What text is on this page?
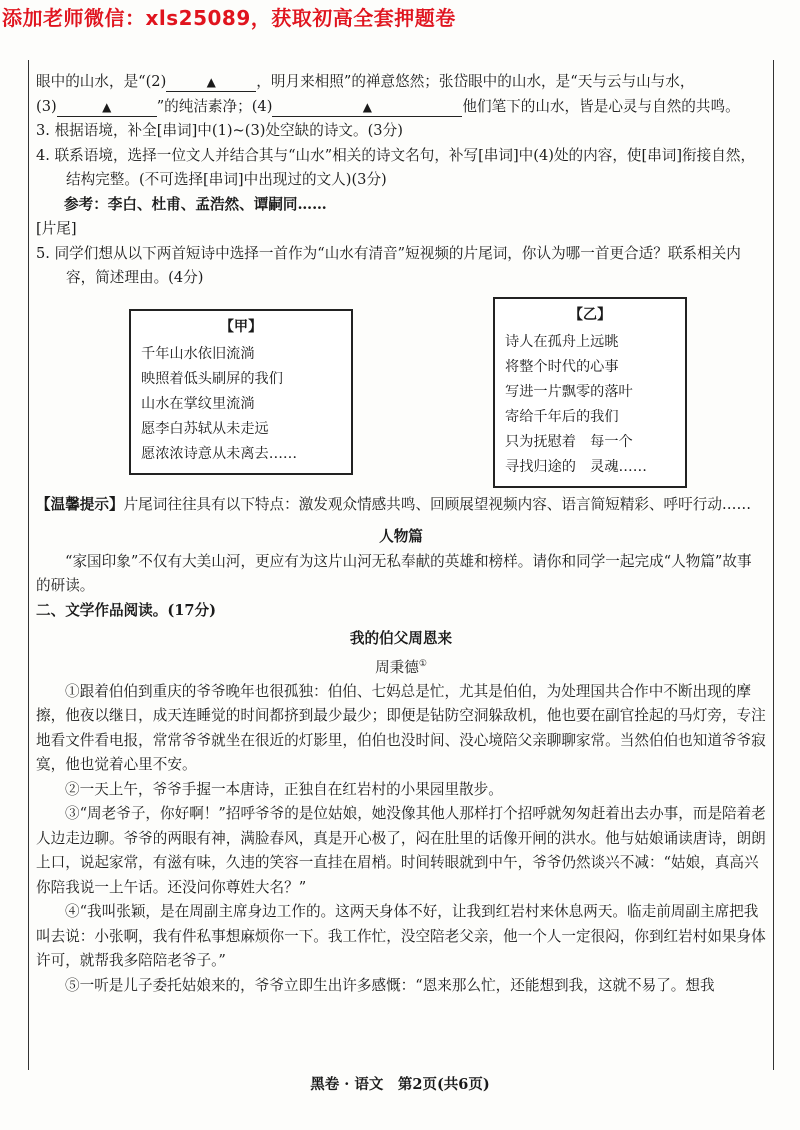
添加老师微信：xls25089，获取初高全套押题卷

眼中的山水，是“(2)	▲	，明月来相照”的禅意悠然；张岱眼中的山水，是“天与云与山与水，

(3)	▲	”的纯洁素净；(4)	▲	他们笔下的山水，皆是心灵与自然的共鸣。

3. 根据语境，补全[串词]中(1)~(3)处空缺的诗文。(3分)

4. 联系语境，选择一位文人并结合其与“山水”相关的诗文名句，补写[串词]中(4)处的内容，使[串词]衔接自然，结构完整。(不可选择[串词]中出现过的文人)(3分)

参考：李白、杜甫、孟浩然、谭嗣同……

[片尾]

5. 同学们想从以下两首短诗中选择一首作为“山水有清音”短视频的片尾词，你认为哪一首更合适？联系相关内容，简述理由。(4分)

【甲】
千年山水依旧流淌
映照着低头刷屏的我们
山水在掌纹里流淌
愿李白苏轼从未走远
愿浓浓诗意从未离去……
【乙】
诗人在孤舟上远眺
将整个时代的心事
写进一片飘零的落叶
寄给千年后的我们
只为抚慰着　每一个
寻找归途的　灵魂……

【温馨提示】片尾词往往具有以下特点：激发观众情感共鸣、回顾展望视频内容、语言简短精彩、呼吁行动……

人物篇

“家国印象”不仅有大美山河，更应有为这片山河无私奉献的英雄和榜样。请你和同学一起完成“人物篇”故事的研读。

二、文学作品阅读。(17分)

我的伯父周恩来

周秉德①

①跟着伯伯到重庆的爷爷晚年也很孤独：伯伯、七妈总是忙，尤其是伯伯，为处理国共合作中不断出现的摩擦，他夜以继日，成天连睡觉的时间都挤到最少最少；即便是钻防空洞躲敌机，他也要在副官拴起的马灯旁，专注地看文件看电报，常常爷爷就坐在很近的灯影里，伯伯也没时间、没心境陪父亲聊聊家常。当然伯伯也知道爷爷寂寞，他也觉着心里不安。

②一天上午，爷爷手握一本唐诗，正独自在红岩村的小果园里散步。

③“周老爷子，你好啊！”招呼爷爷的是位姑娘，她没像其他人那样打个招呼就匆匆赶着出去办事，而是陪着老人边走边聊。爷爷的两眼有神，满脸春风，真是开心极了，闷在肚里的话像开闸的洪水。他与姑娘诵读唐诗，朗朗上口，说起家常，有滋有味，久违的笑容一直挂在眉梢。时间转眼就到中午，爷爷仍然谈兴不减：“姑娘，真高兴你陪我说一上午话。还没问你尊姓大名？”

④“我叫张颖，是在周副主席身边工作的。这两天身体不好，让我到红岩村来休息两天。临走前周副主席把我叫去说：小张啊，我有件私事想麻烦你一下。我工作忙，没空陪老父亲，他一个人一定很闷，你到红岩村如果身体许可，就帮我多陪陪老爷子。”

⑤一听是儿子委托姑娘来的，爷爷立即生出许多感慨：“恩来那么忙，还能想到我，这就不易了。想我

黑卷 · 语文　第2页(共6页)
